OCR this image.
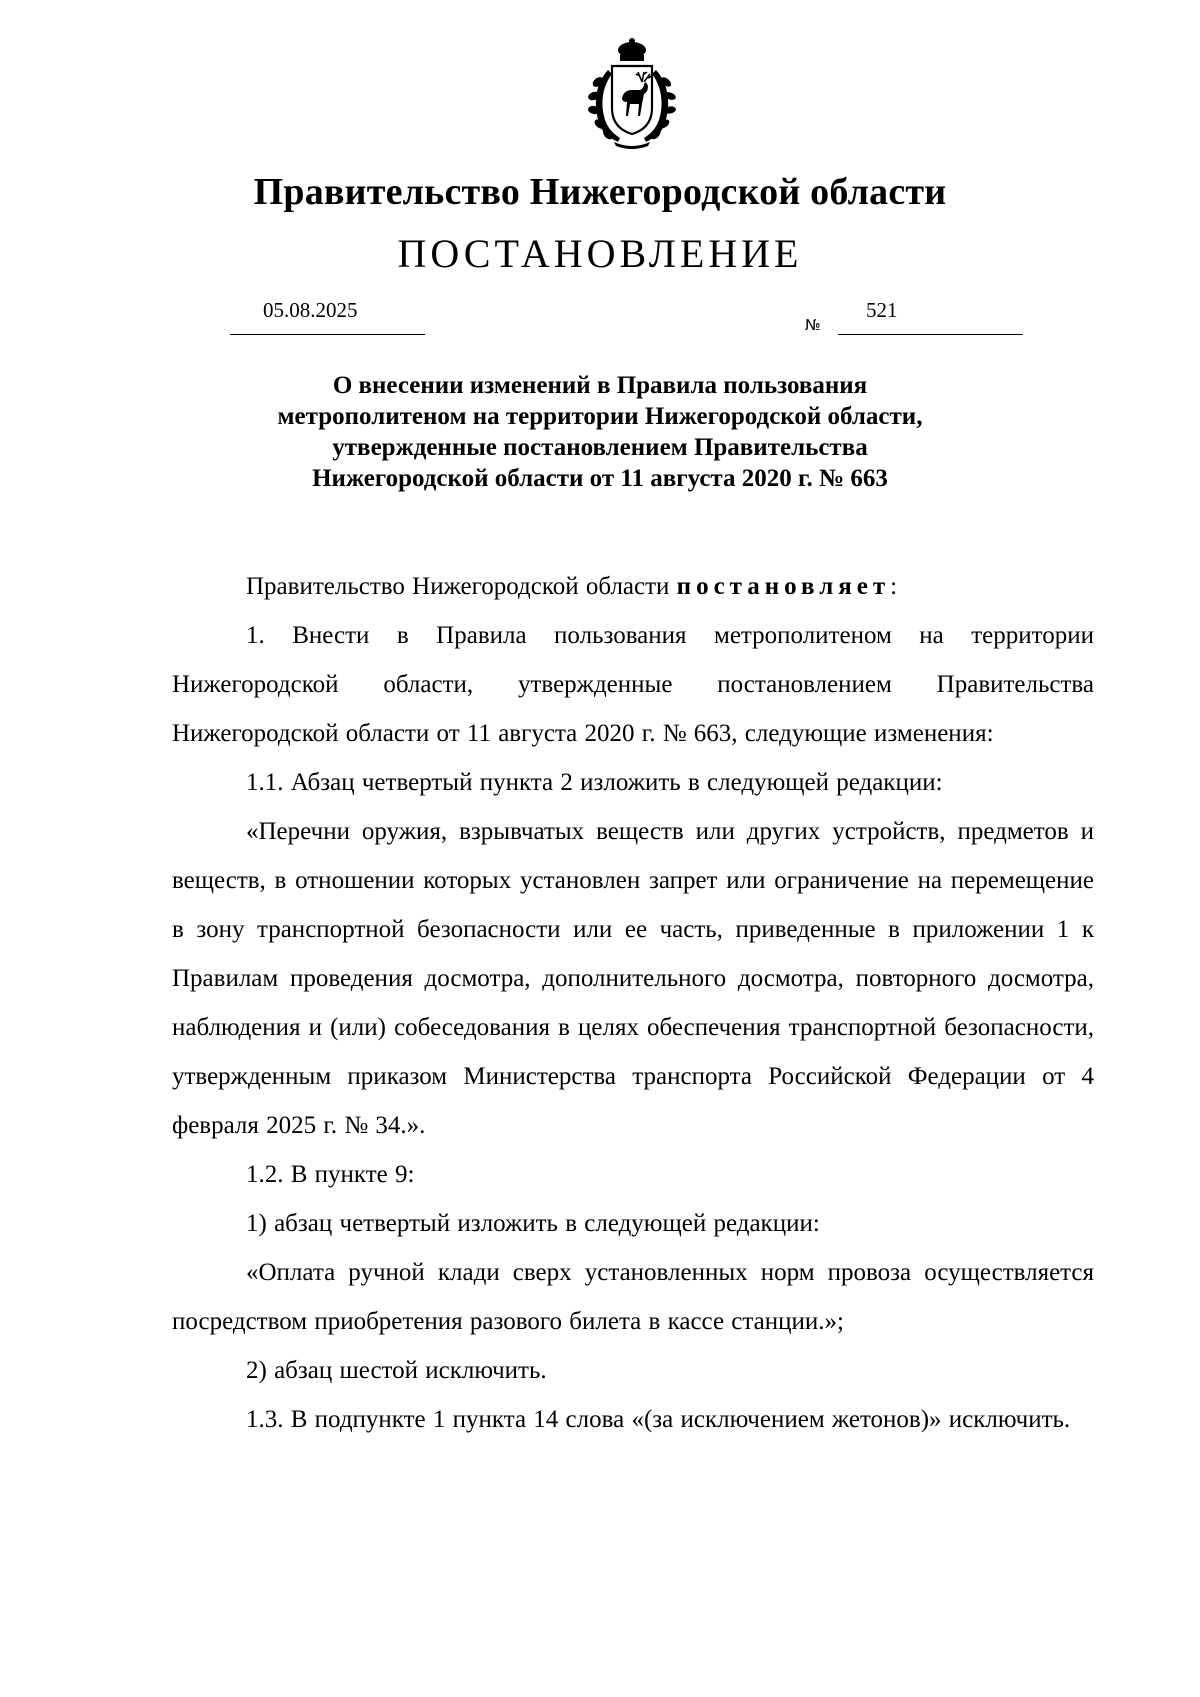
Правительство Нижегородской области
ПОСТАНОВЛЕНИЕ
05.08.2025
№
521
О внесении изменений в Правила пользования
метрополитеном на территории Нижегородской области,
утвержденные постановлением Правительства
Нижегородской области от 11 августа 2020 г. № 663

Правительство Нижегородской области постановляет:

1. Внести в Правила пользования метрополитеном на территории Нижегородской области, утвержденные постановлением Правительства Нижегородской области от 11 августа 2020 г. № 663, следующие изменения:

1.1. Абзац четвертый пункта 2 изложить в следующей редакции:

«Перечни оружия, взрывчатых веществ или других устройств, предметов и веществ, в отношении которых установлен запрет или ограничение на перемещение в зону транспортной безопасности или ее часть, приведенные в приложении 1 к Правилам проведения досмотра, дополнительного досмотра, повторного досмотра, наблюдения и (или) собеседования в целях обеспечения транспортной безопасности, утвержденным приказом Министерства транспорта Российской Федерации от 4 февраля 2025 г. № 34.».

1.2. В пункте 9:

1) абзац четвертый изложить в следующей редакции:

«Оплата ручной клади сверх установленных норм провоза осуществляется посредством приобретения разового билета в кассе станции.»;

2) абзац шестой исключить.

1.3. В подпункте 1 пункта 14 слова «(за исключением жетонов)» исключить.
